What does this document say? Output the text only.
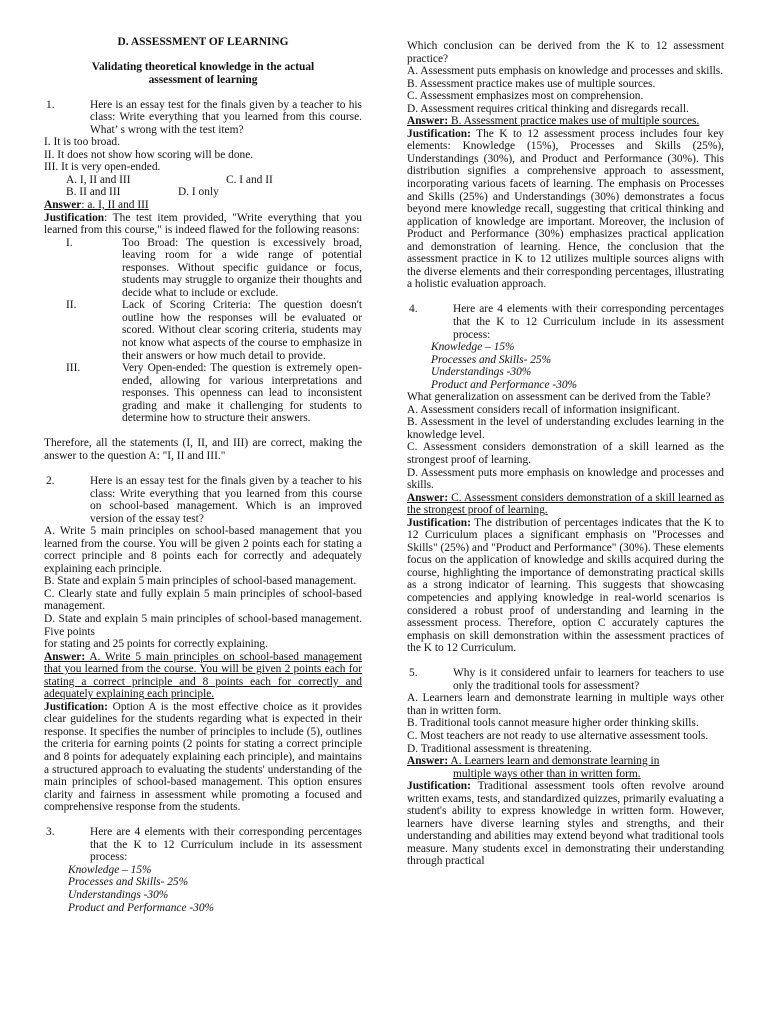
D. ASSESSMENT OF LEARNING
Validating theoretical knowledge in the actual assessment of learning
1.	Here is an essay test for the finals given by a teacher to his class: Write everything that you learned from this course. What’ s wrong with the test item?
I. It is too broad.
II. It does not show how scoring will be done.
III. It is very open-ended.
A. I, II and III	C. I and II
B. II and III	D. I only
Answer: a. I, II and III
Justification: The test item provided, "Write everything that you learned from this course," is indeed flawed for the following reasons:
I.	Too Broad: The question is excessively broad, leaving room for a wide range of potential responses. Without specific guidance or focus, students may struggle to organize their thoughts and decide what to include or exclude.
II.	Lack of Scoring Criteria: The question doesn't outline how the responses will be evaluated or scored. Without clear scoring criteria, students may not know what aspects of the course to emphasize in their answers or how much detail to provide.
III.	Very Open-ended: The question is extremely open-ended, allowing for various interpretations and responses. This openness can lead to inconsistent grading and make it challenging for students to determine how to structure their answers.
Therefore, all the statements (I, II, and III) are correct, making the answer to the question A: "I, II and III."
2.	Here is an essay test for the finals given by a teacher to his class: Write everything that you learned from this course on school-based management. Which is an improved version of the essay test?
A. Write 5 main principles on school-based management that you learned from the course. You will be given 2 points each for stating a correct principle and 8 points each for correctly and adequately explaining each principle.
B. State and explain 5 main principles of school-based management.
C. Clearly state and fully explain 5 main principles of school-based management.
D. State and explain 5 main principles of school-based management. Five points
for stating and 25 points for correctly explaining.
Answer: A. Write 5 main principles on school-based management that you learned from the course. You will be given 2 points each for stating a correct principle and 8 points each for correctly and adequately explaining each principle.
Justification: Option A is the most effective choice as it provides clear guidelines for the students regarding what is expected in their response. It specifies the number of principles to include (5), outlines the criteria for earning points (2 points for stating a correct principle and 8 points for adequately explaining each principle), and maintains a structured approach to evaluating the students' understanding of the main principles of school-based management. This option ensures clarity and fairness in assessment while promoting a focused and comprehensive response from the students.
3.	Here are 4 elements with their corresponding percentages that the K to 12 Curriculum include in its assessment process:
Knowledge – 15%
Processes and Skills- 25%
Understandings -30%
Product and Performance -30%
Which conclusion can be derived from the K to 12 assessment practice?
A. Assessment puts emphasis on knowledge and processes and skills.
B. Assessment practice makes use of multiple sources.
C. Assessment emphasizes most on comprehension.
D. Assessment requires critical thinking and disregards recall.
Answer: B. Assessment practice makes use of multiple sources.
Justification: The K to 12 assessment process includes four key elements: Knowledge (15%), Processes and Skills (25%), Understandings (30%), and Product and Performance (30%). This distribution signifies a comprehensive approach to assessment, incorporating various facets of learning. The emphasis on Processes and Skills (25%) and Understandings (30%) demonstrates a focus beyond mere knowledge recall, suggesting that critical thinking and application of knowledge are important. Moreover, the inclusion of Product and Performance (30%) emphasizes practical application and demonstration of learning. Hence, the conclusion that the assessment practice in K to 12 utilizes multiple sources aligns with the diverse elements and their corresponding percentages, illustrating a holistic evaluation approach.
4.	Here are 4 elements with their corresponding percentages that the K to 12 Curriculum include in its assessment process:
Knowledge – 15%
Processes and Skills- 25%
Understandings -30%
Product and Performance -30%
What generalization on assessment can be derived from the Table?
A. Assessment considers recall of information insignificant.
B. Assessment in the level of understanding excludes learning in the knowledge level.
C. Assessment considers demonstration of a skill learned as the strongest proof of learning.
D. Assessment puts more emphasis on knowledge and processes and skills.
Answer: C. Assessment considers demonstration of a skill learned as the strongest proof of learning.
Justification: The distribution of percentages indicates that the K to 12 Curriculum places a significant emphasis on "Processes and Skills" (25%) and "Product and Performance" (30%). These elements focus on the application of knowledge and skills acquired during the course, highlighting the importance of demonstrating practical skills as a strong indicator of learning. This suggests that showcasing competencies and applying knowledge in real-world scenarios is considered a robust proof of understanding and learning in the assessment process. Therefore, option C accurately captures the emphasis on skill demonstration within the assessment practices of the K to 12 Curriculum.
5.	Why is it considered unfair to learners for teachers to use only the traditional tools for assessment?
A. Learners learn and demonstrate learning in multiple ways other than in written form.
B. Traditional tools cannot measure higher order thinking skills.
C. Most teachers are not ready to use alternative assessment tools.
D. Traditional assessment is threatening.
Answer: A. Learners learn and demonstrate learning in
multiple ways other than in written form.
Justification: Traditional assessment tools often revolve around written exams, tests, and standardized quizzes, primarily evaluating a student's ability to express knowledge in written form. However, learners have diverse learning styles and strengths, and their understanding and abilities may extend beyond what traditional tools measure. Many students excel in demonstrating their understanding through practical
